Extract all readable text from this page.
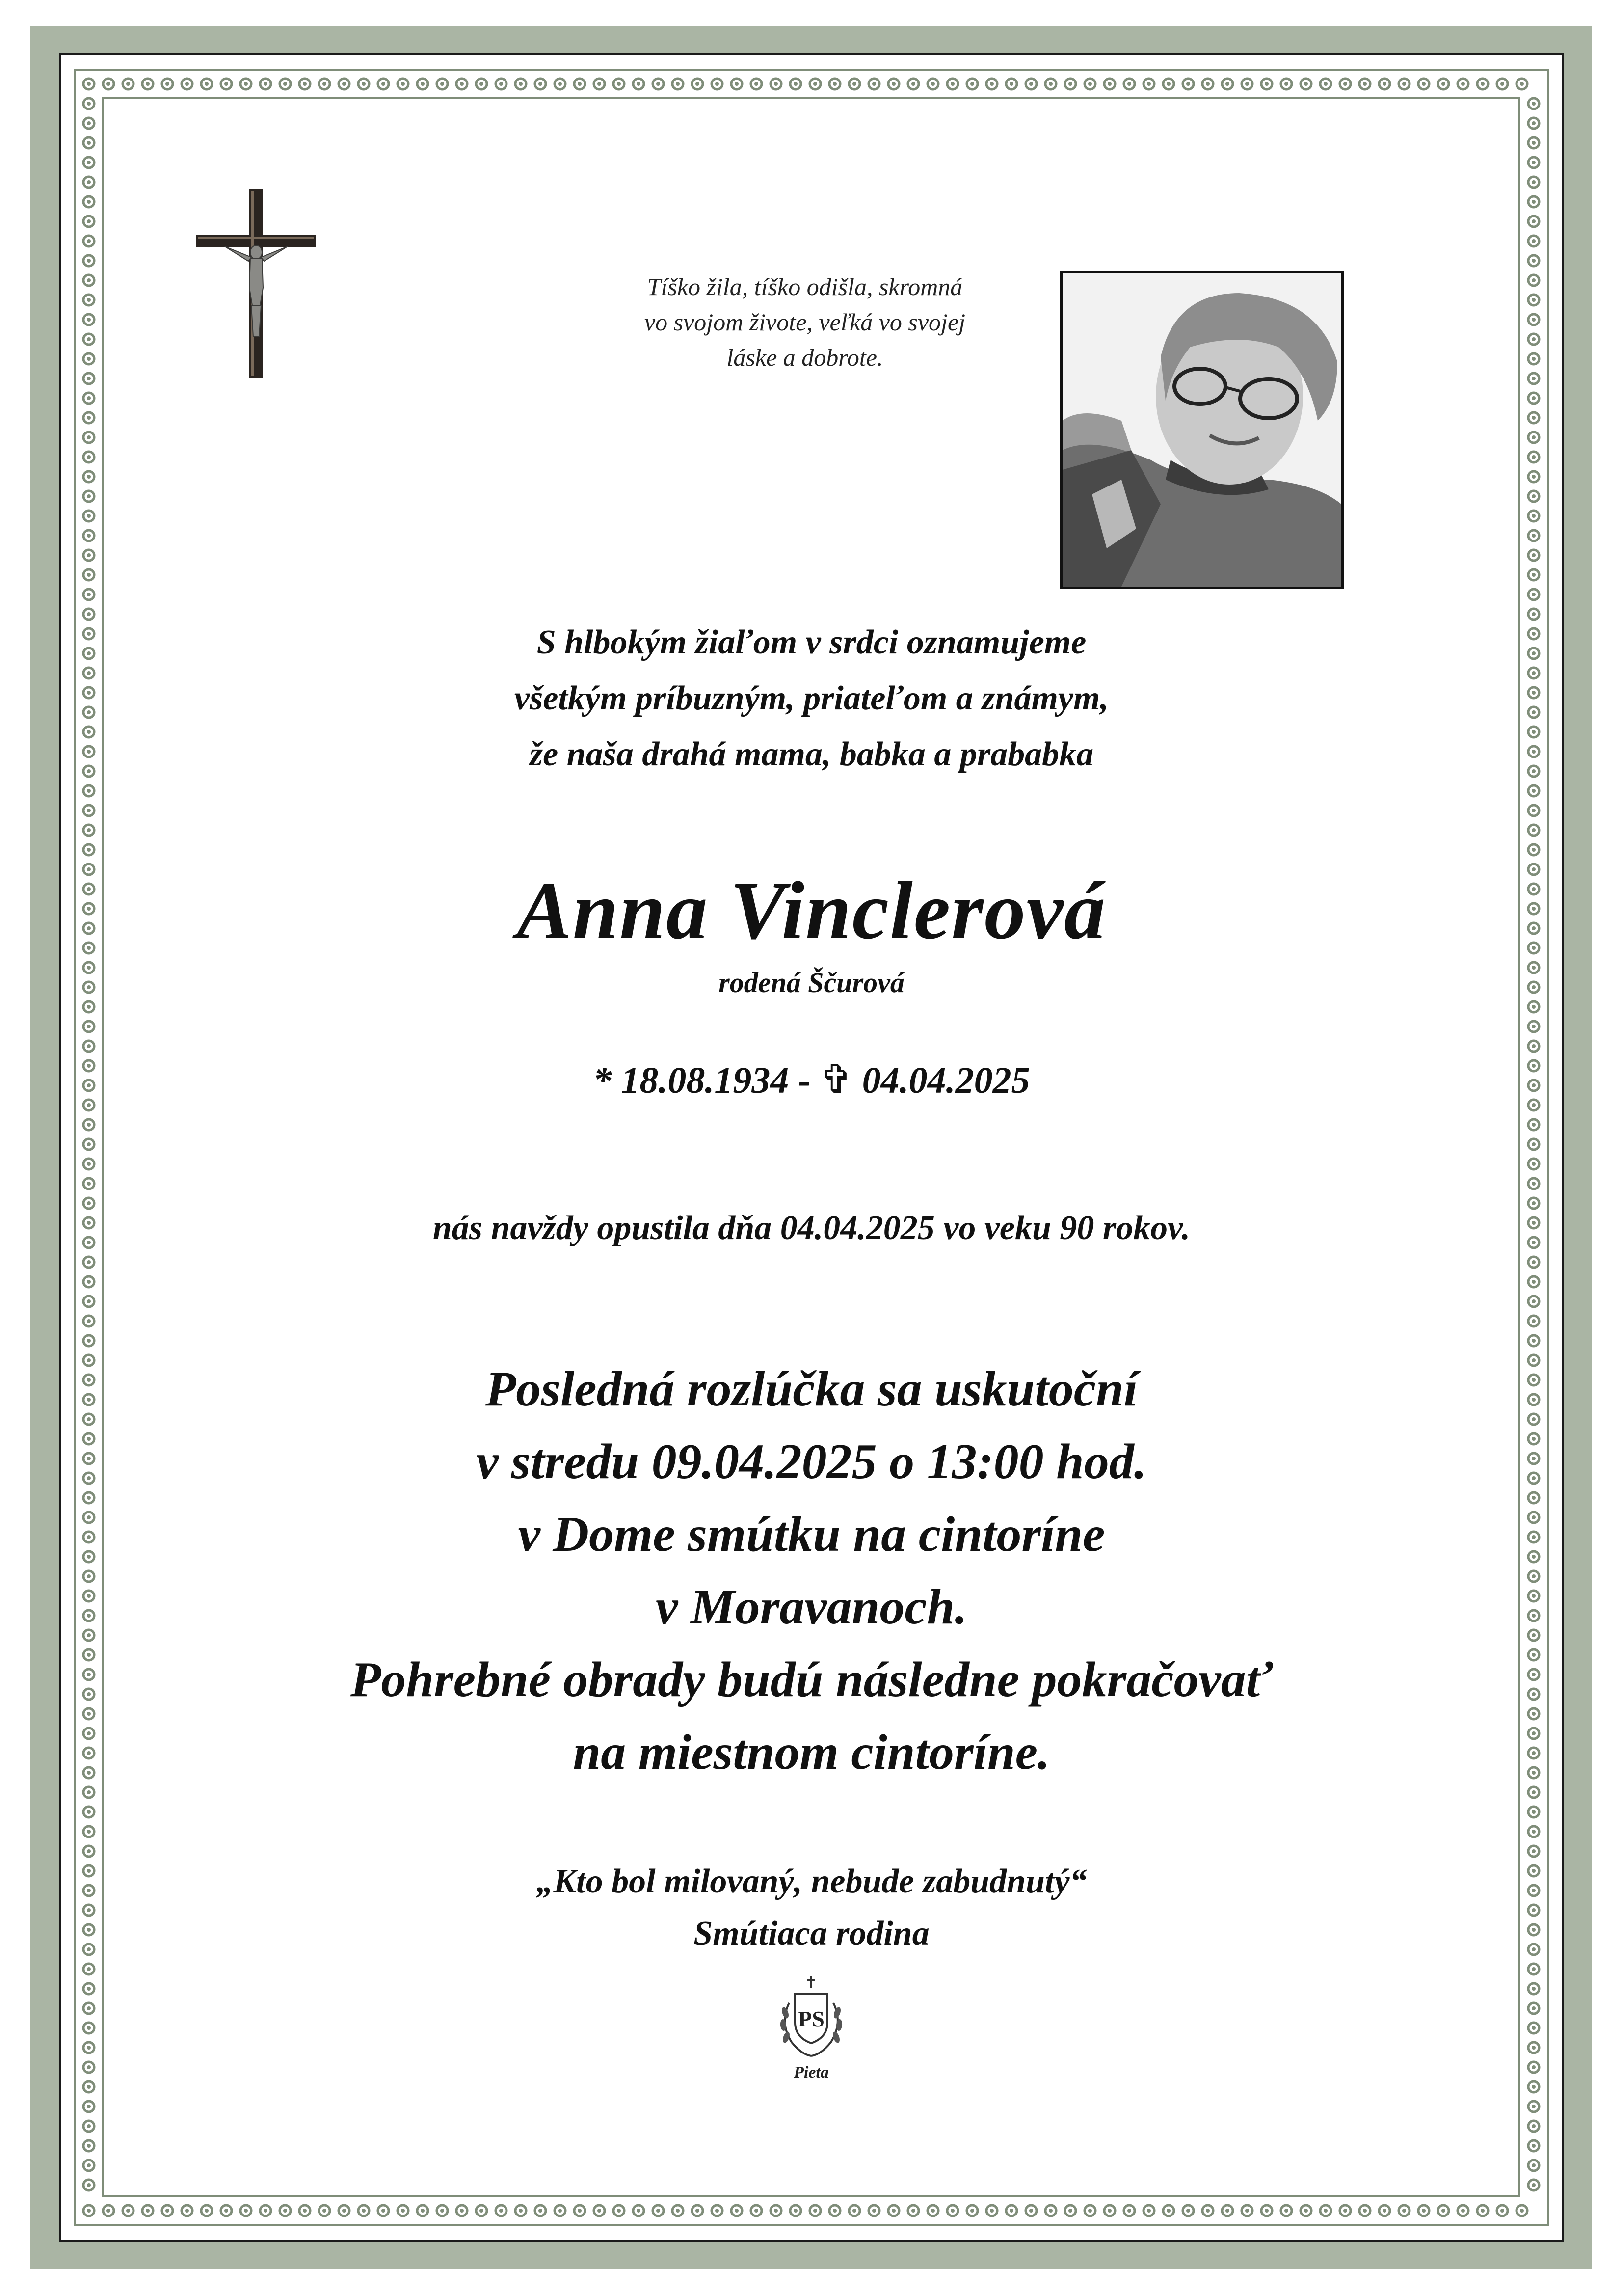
Tíško žila, tíško odišla, skromná
vo svojom živote, veľká vo svojej
láske a dobrote.
S hlbokým žiaľom v srdci oznamujeme
všetkým príbuzným, priateľom a známym,
že naša drahá mama, babka a prababka
Anna Vinclerová
rodená Ščurová
* 18.08.1934 - ✞ 04.04.2025
nás navždy opustila dňa 04.04.2025 vo veku 90 rokov.
Posledná rozlúčka sa uskutoční
v stredu 09.04.2025 o 13:00 hod.
v Dome smútku na cintoríne
v Moravanoch.
Pohrebné obrady budú následne pokračovať
na miestnom cintoríne.
„Kto bol milovaný, nebude zabudnutý“
Smútiaca rodina
PS
Pieta
